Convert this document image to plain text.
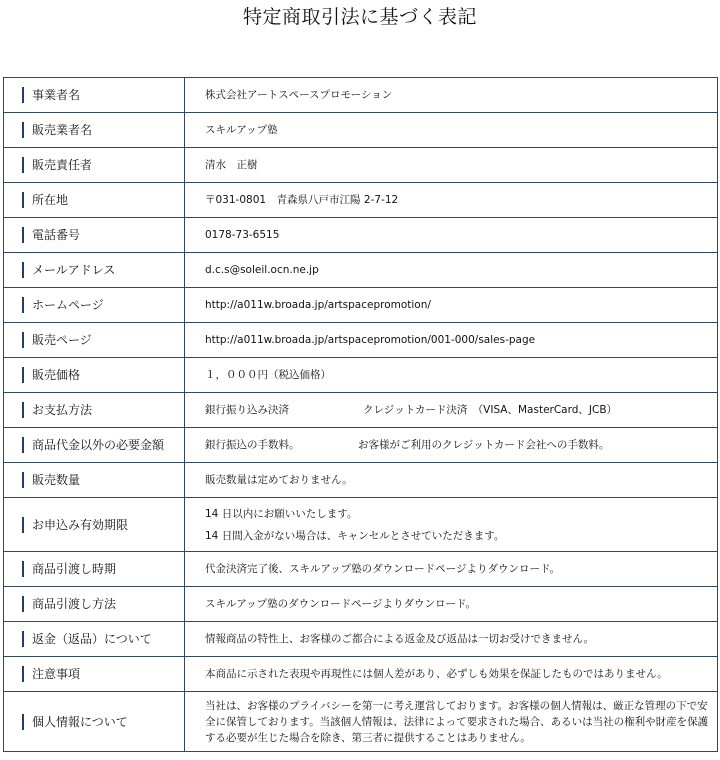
特定商取引法に基づく表記
事業者名	株式会社アートスペースプロモーション

販売業者名	スキルアップ塾

販売責任者	清水　正樹

所在地	〒031-0801　青森県八戸市江陽 2-7-12

電話番号	0178-73-6515

メールアドレス	d.c.s@soleil.ocn.ne.jp

ホームページ	http://a011w.broada.jp/artspacepromotion/

販売ページ	http://a011w.broada.jp/artspacepromotion/001-000/sales-page

販売価格	１，０００円（税込価格）

お支払方法	銀行振り込み決済 クレジットカード決済　（VISA、MasterCard、JCB）

商品代金以外の必要金額	銀行振込の手数料。 お客様がご利用のクレジットカード会社への手数料。

販売数量	販売数量は定めておりません。

お申込み有効期限	14 日以内にお願いいたします。
14 日間入金がない場合は、キャンセルとさせていただきます。

商品引渡し時期	代金決済完了後、スキルアップ塾のダウンロードページよりダウンロード。

商品引渡し方法	スキルアップ塾のダウンロードページよりダウンロード。

返金（返品）について	情報商品の特性上、お客様のご都合による返金及び返品は一切お受けできません。

注意事項	本商品に示された表現や再現性には個人差があり、必ずしも効果を保証したものではありません。

個人情報について	当社は、お客様のプライバシーを第一に考え運営しております。お客様の個人情報は、厳正な管理の下で安全に保管しております。当該個人情報は、法律によって要求された場合、あるいは当社の権利や財産を保護する必要が生じた場合を除き、第三者に提供することはありません。
